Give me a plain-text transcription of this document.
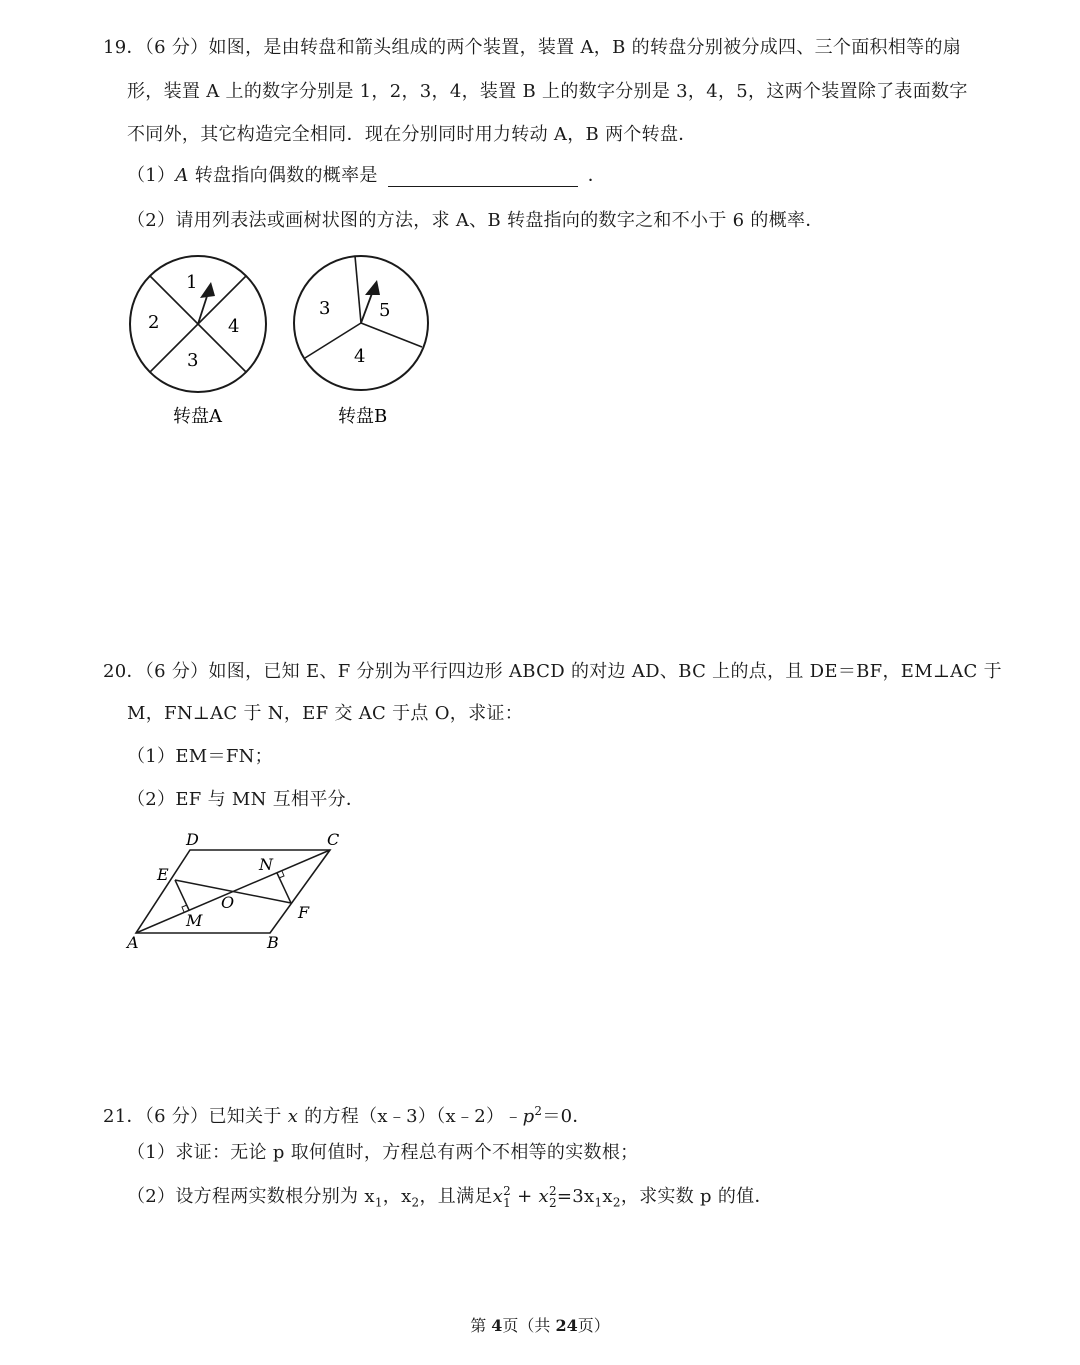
19．（6 分）如图，是由转盘和箭头组成的两个装置，装置 A，B 的转盘分别被分成四、三个面积相等的扇
形，装置 A 上的数字分别是 1，2，3，4，装置 B 上的数字分别是 3，4，5，这两个装置除了表面数字
不同外，其它构造完全相同．现在分别同时用力转动 A，B 两个转盘．
（1）A 转盘指向偶数的概率是	．
（2）请用列表法或画树状图的方法，求 A、B 转盘指向的数字之和不小于 6 的概率．
1
2
3
4
转盘A
3
4
5
转盘B
20．（6 分）如图，已知 E、F 分别为平行四边形 ABCD 的对边 AD、BC 上的点，且 DE＝BF，EM⊥AC 于
M，FN⊥AC 于 N，EF 交 AC 于点 O，求证：
（1）EM＝FN；
（2）EF 与 MN 互相平分．
A	B
C
D
E
F
M
N
O
21．（6 分）已知关于 x 的方程$(x﹣3)(x﹣2)﹣p^2=0$．
（1）求证：无论 p 取何值时，方程总有两个不相等的实数根；
（2）设方程两实数根分别为 $x_1$，$x_2$，且满足x 2
1 + x 2
$2 =3x_1x_2$，求实数 p 的值．
第 4页（共 24页）
